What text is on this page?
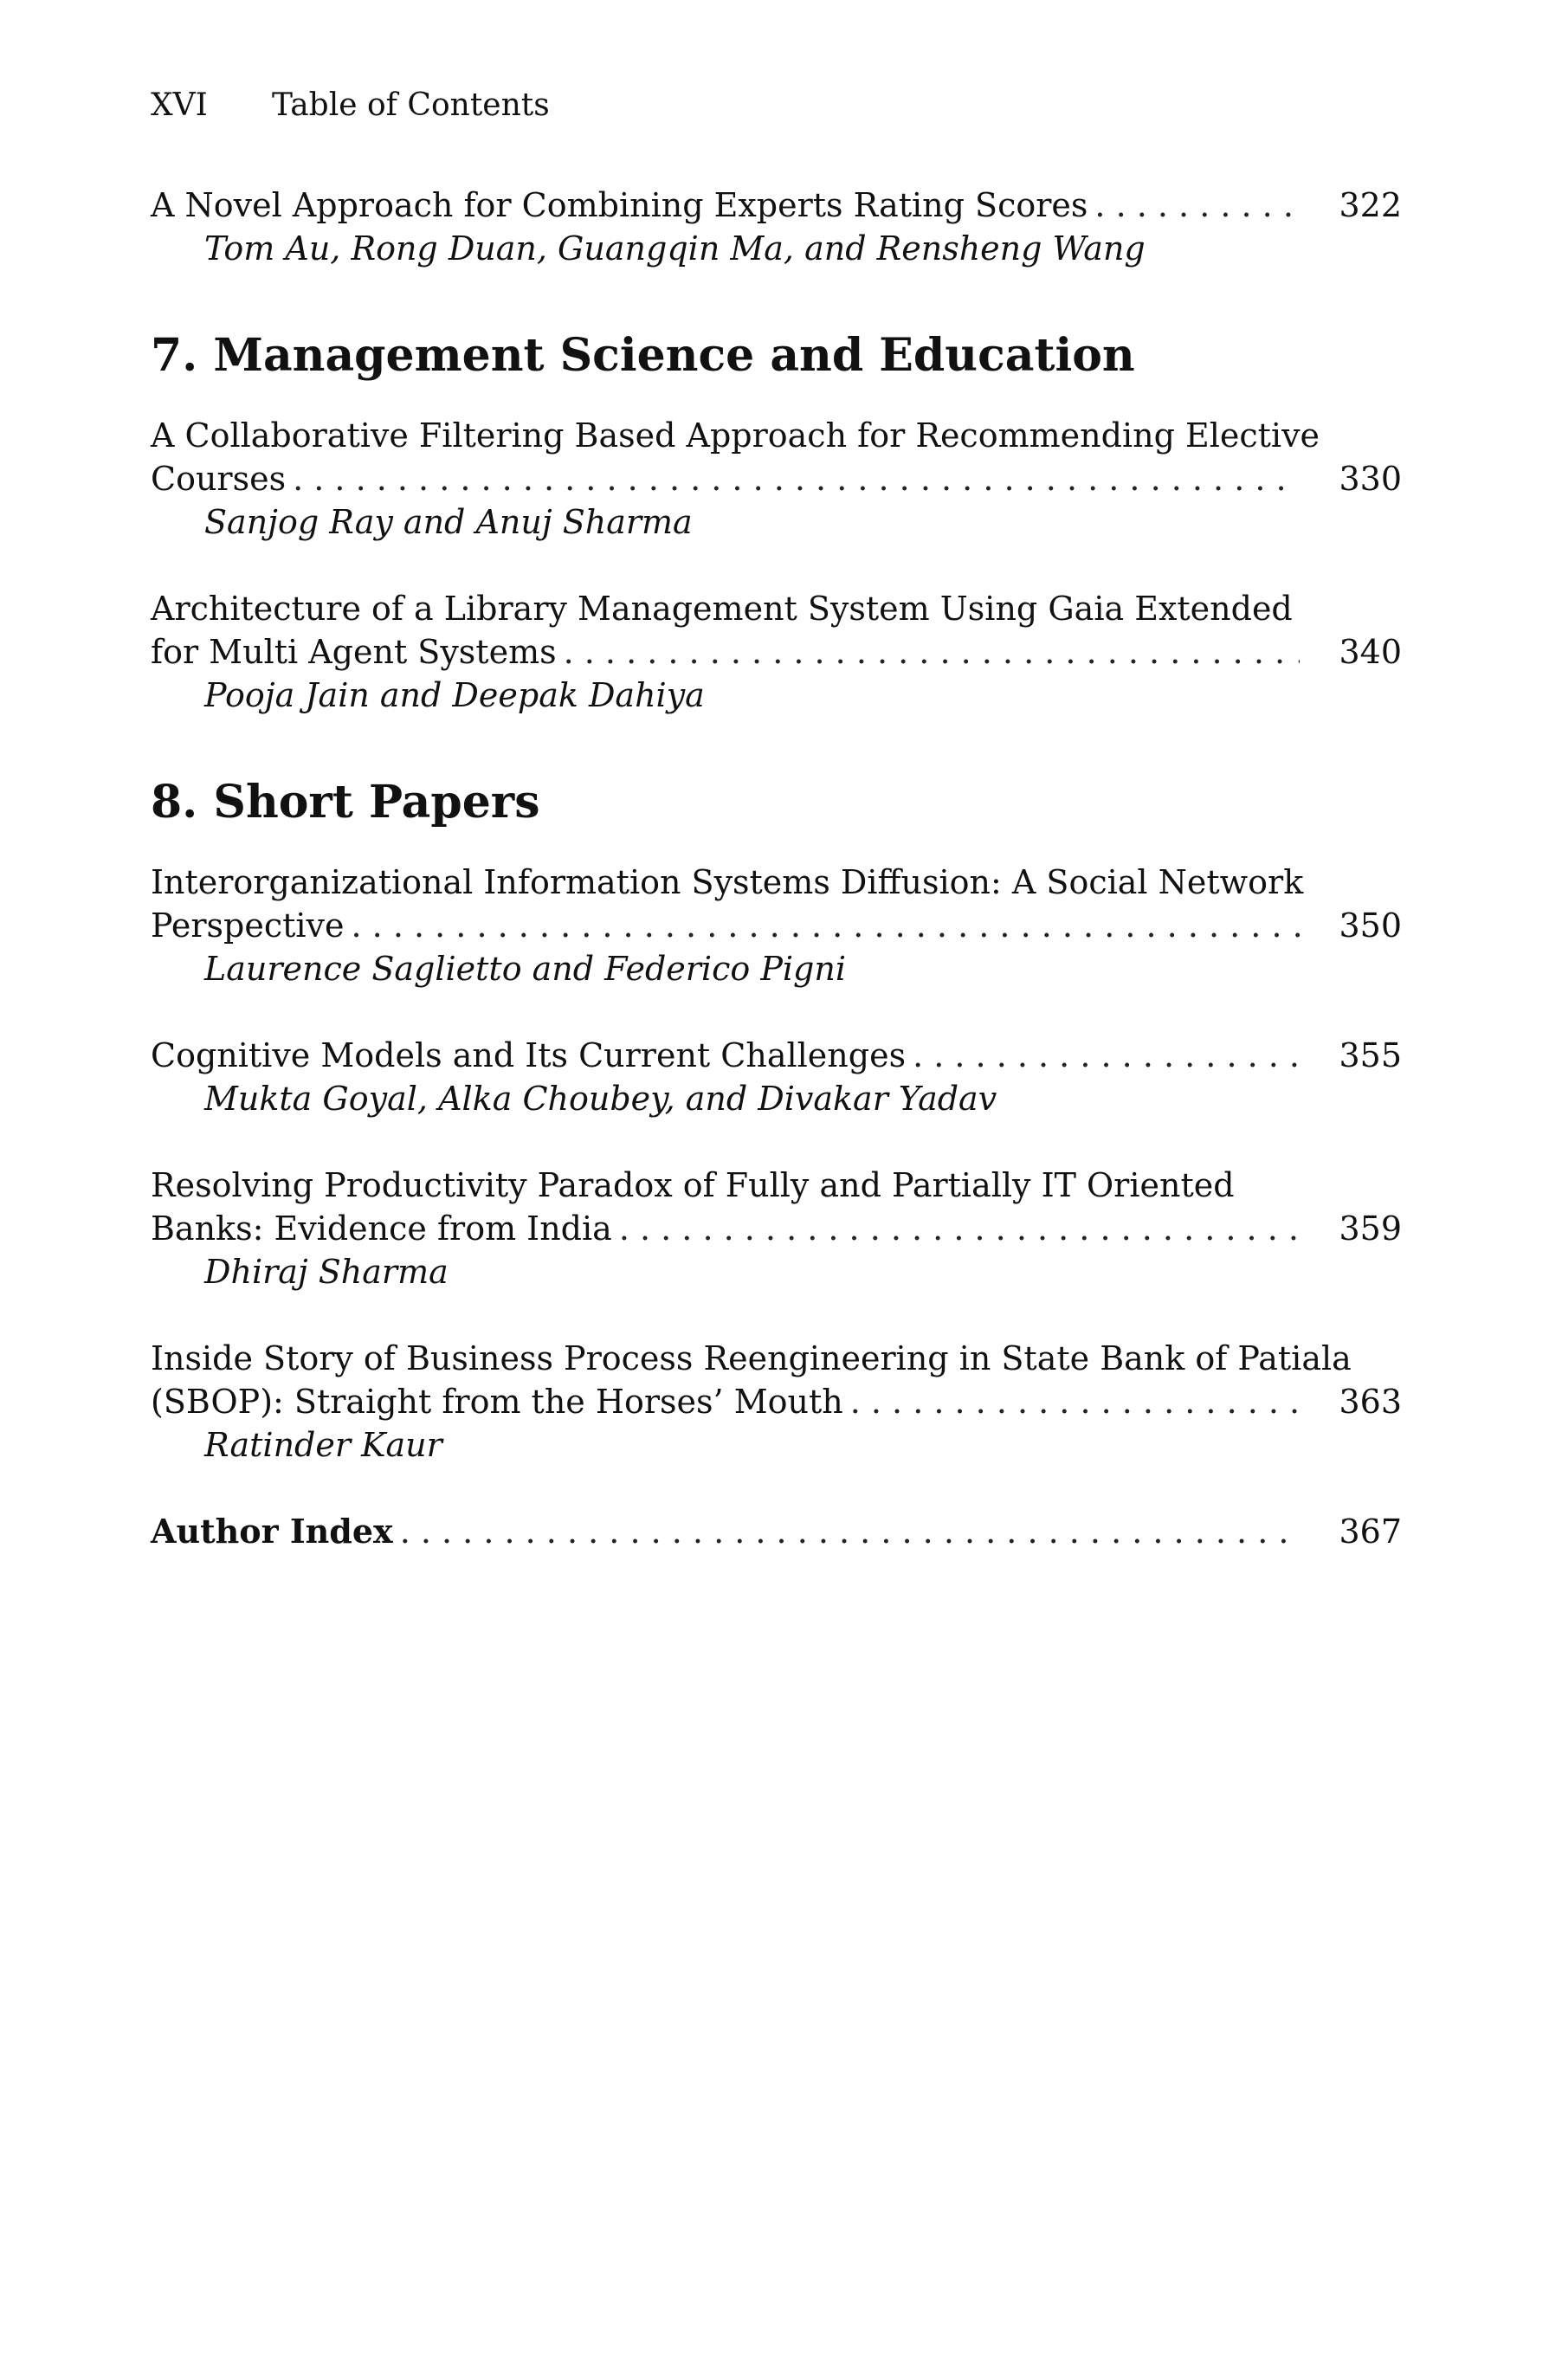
XVI Table of Contents
A Novel Approach for Combining Experts Rating Scores . . .	322
Tom Au, Rong Duan, Guangqin Ma, and Rensheng Wang
7. Management Science and Education
A Collaborative Filtering Based Approach for Recommending Elective
Courses . . .	330
Sanjog Ray and Anuj Sharma
Architecture of a Library Management System Using Gaia Extended
for Multi Agent Systems . . .	340
Pooja Jain and Deepak Dahiya
8. Short Papers
Interorganizational Information Systems Diffusion: A Social Network
Perspective . . .	350
Laurence Saglietto and Federico Pigni
Cognitive Models and Its Current Challenges . . .	355
Mukta Goyal, Alka Choubey, and Divakar Yadav
Resolving Productivity Paradox of Fully and Partially IT Oriented
Banks: Evidence from India . . .	359
Dhiraj Sharma
Inside Story of Business Process Reengineering in State Bank of Patiala
(SBOP): Straight from the Horses’ Mouth . . .	363
Ratinder Kaur
Author Index . . .	367
